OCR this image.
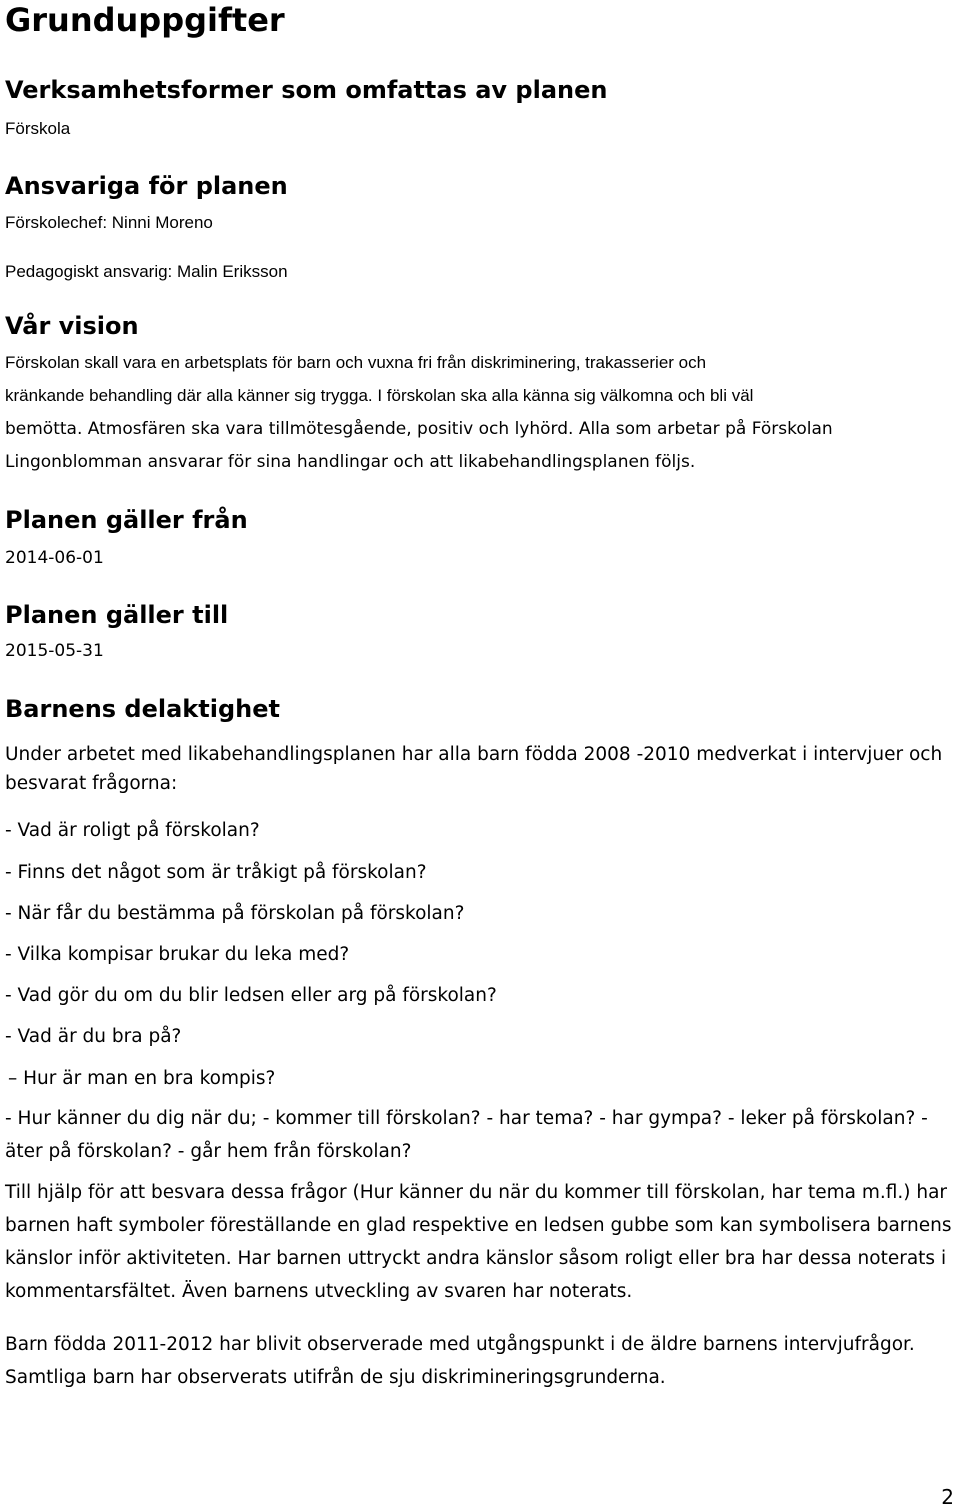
Grunduppgifter
Verksamhetsformer som omfattas av planen

Förskola

Ansvariga för planen

Förskolechef: Ninni Moreno

Pedagogiskt ansvarig: Malin Eriksson

Vår vision

Förskolan skall vara en arbetsplats för barn och vuxna fri från diskriminering, trakasserier och

kränkande behandling där alla känner sig trygga. I förskolan ska alla känna sig välkomna och bli väl

bemötta. Atmosfären ska vara tillmötesgående, positiv och lyhörd. Alla som arbetar på Förskolan

Lingonblomman ansvarar för sina handlingar och att likabehandlingsplanen följs.

Planen gäller från

2014-06-01

Planen gäller till

2015-05-31

Barnens delaktighet

Under arbetet med likabehandlingsplanen har alla barn födda 2008 -2010 medverkat i intervjuer och

besvarat frågorna:

- Vad är roligt på förskolan?

- Finns det något som är tråkigt på förskolan?

- När får du bestämma på förskolan på förskolan?

- Vilka kompisar brukar du leka med?

- Vad gör du om du blir ledsen eller arg på förskolan?

- Vad är du bra på?

– Hur är man en bra kompis?

- Hur känner du dig när du; - kommer till förskolan? - har tema? - har gympa? - leker på förskolan? -

äter på förskolan? - går hem från förskolan?

Till hjälp för att besvara dessa frågor (Hur känner du när du kommer till förskolan, har tema m.fl.) har

barnen haft symboler föreställande en glad respektive en ledsen gubbe som kan symbolisera barnens

känslor inför aktiviteten. Har barnen uttryckt andra känslor såsom roligt eller bra har dessa noterats i

kommentarsfältet. Även barnens utveckling av svaren har noterats.

Barn födda 2011-2012 har blivit observerade med utgångspunkt i de äldre barnens intervjufrågor.

Samtliga barn har observerats utifrån de sju diskrimineringsgrunderna.

2
